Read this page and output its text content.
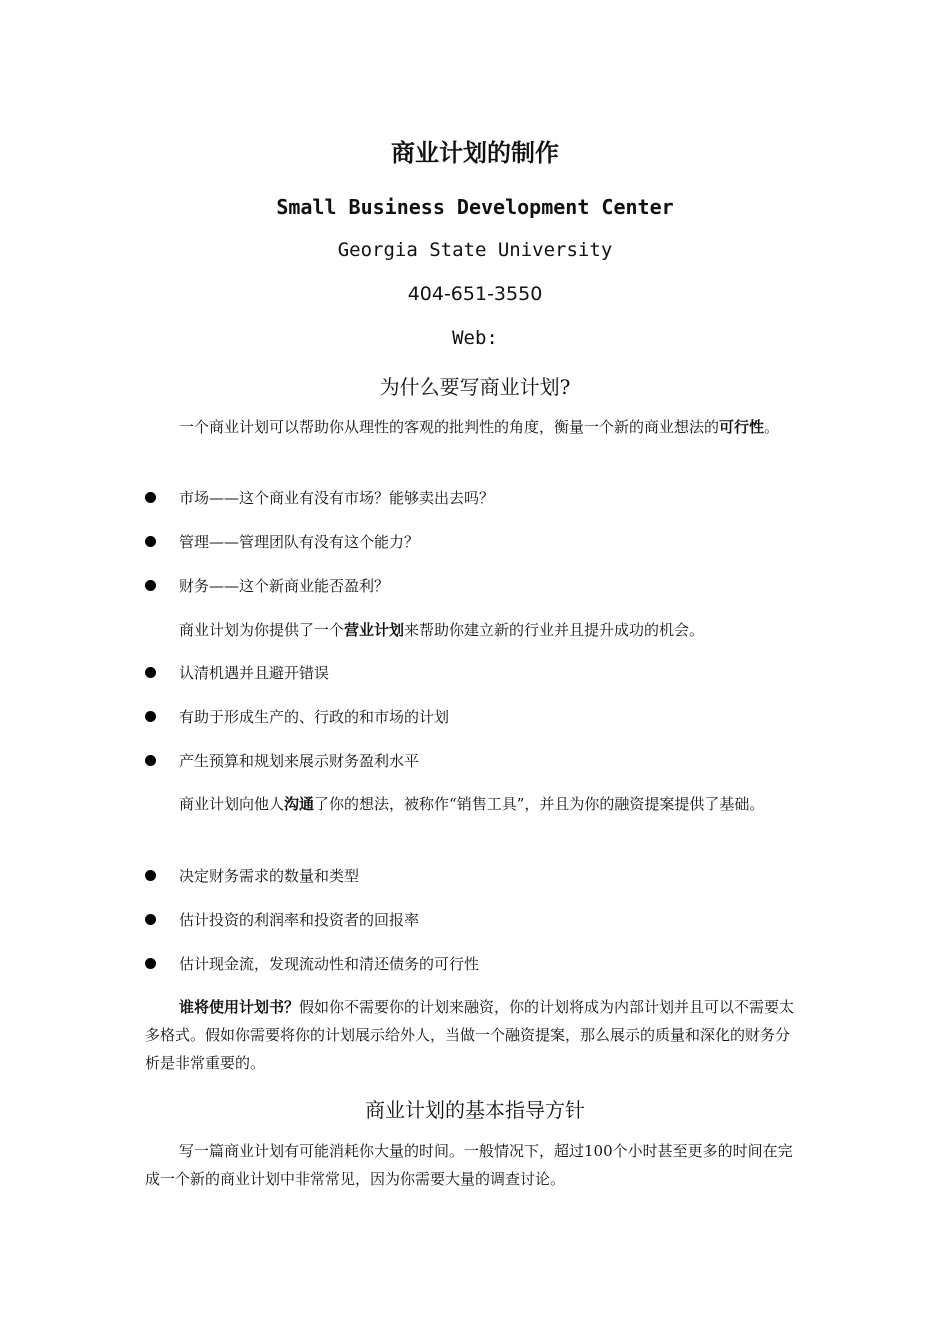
商业计划的制作
Small Business Development Center
Georgia State University
404-651-3550
Web:
为什么要写商业计划?
一个商业计划可以帮助你从理性的客观的批判性的角度，衡量一个新的商业想法的可行性。
市场——这个商业有没有市场？能够卖出去吗？
管理——管理团队有没有这个能力？
财务——这个新商业能否盈利？
商业计划为你提供了一个营业计划来帮助你建立新的行业并且提升成功的机会。
认清机遇并且避开错误
有助于形成生产的、行政的和市场的计划
产生预算和规划来展示财务盈利水平
商业计划向他人沟通了你的想法，被称作“销售工具”，并且为你的融资提案提供了基础。
决定财务需求的数量和类型
估计投资的利润率和投资者的回报率
估计现金流，发现流动性和清还债务的可行性
谁将使用计划书？假如你不需要你的计划来融资，你的计划将成为内部计划并且可以不需要太多格式。假如你需要将你的计划展示给外人，当做一个融资提案，那么展示的质量和深化的财务分析是非常重要的。
商业计划的基本指导方针
写一篇商业计划有可能消耗你大量的时间。一般情况下，超过100个小时甚至更多的时间在完成一个新的商业计划中非常常见，因为你需要大量的调查讨论。
